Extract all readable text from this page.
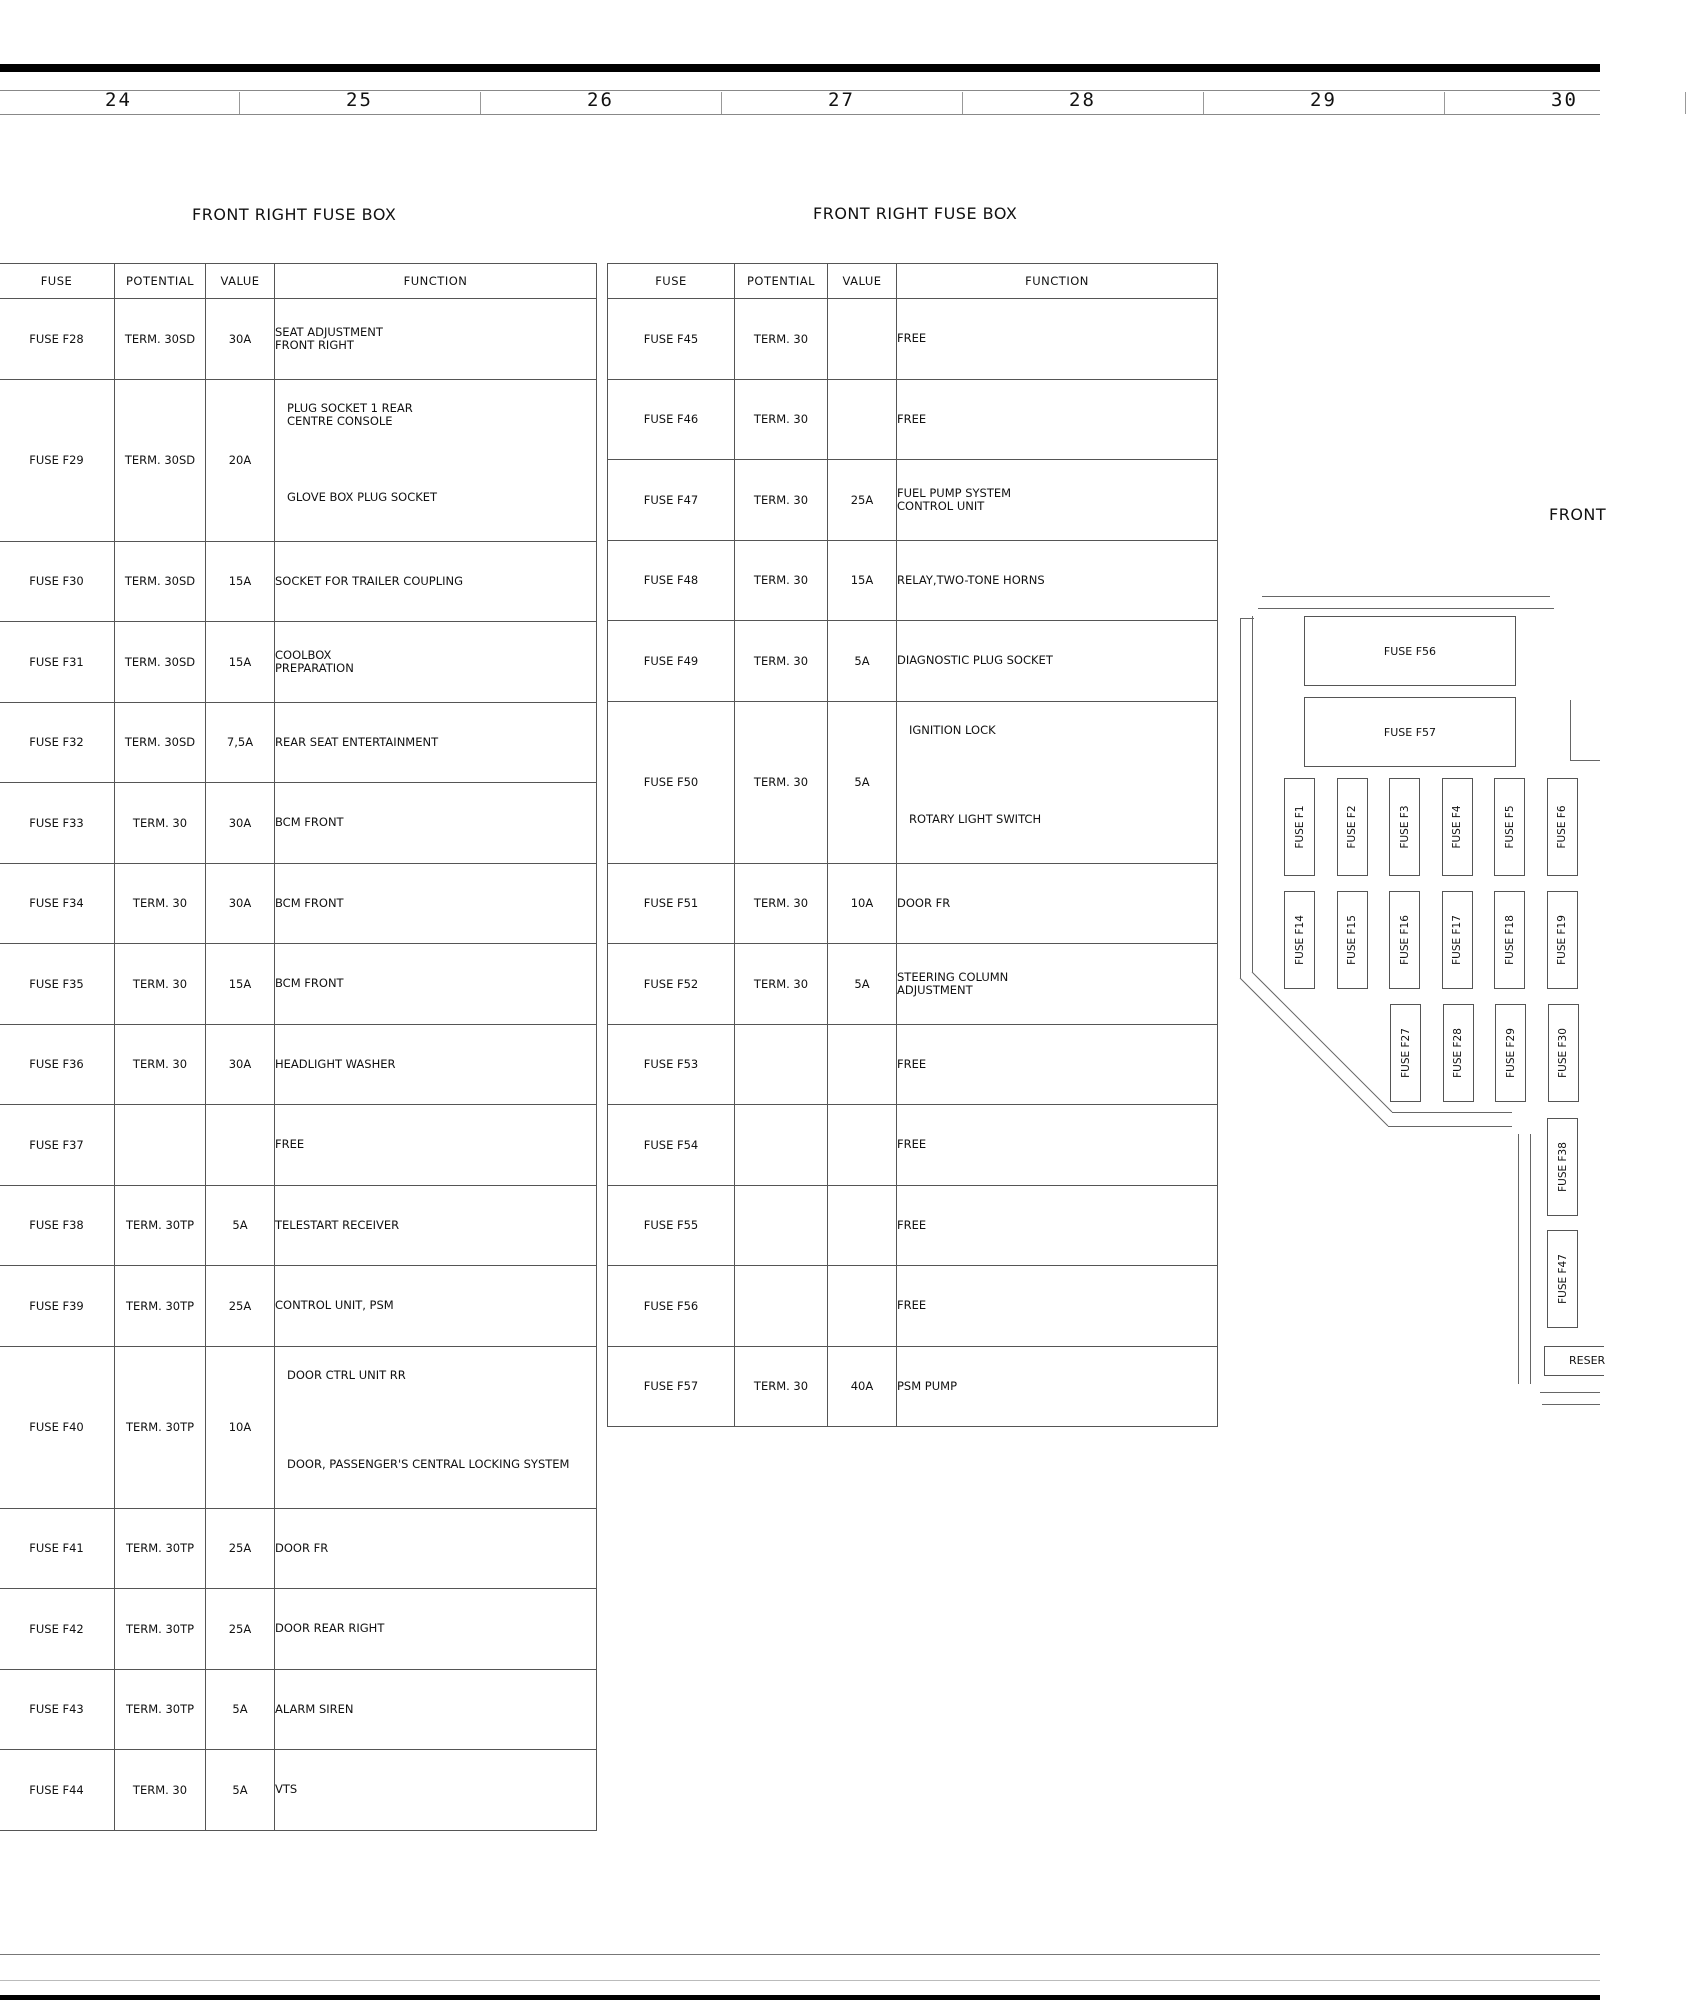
24	25	26	27	28	29	30
FRONT RIGHT FUSE BOX	FRONT RIGHT FUSE BOX
FRONT
FUSE	POTENTIAL	VALUE	FUNCTION
FUSE F28	TERM. 30SD	30A	SEAT ADJUSTMENT
FRONT RIGHT

FUSE F29	TERM. 30SD	20A	PLUG SOCKET 1 REAR CENTRE CONSOLE
GLOVE BOX PLUG SOCKET

FUSE F30	TERM. 30SD	15A	SOCKET FOR TRAILER COUPLING

FUSE F31	TERM. 30SD	15A	COOLBOX
PREPARATION

FUSE F32	TERM. 30SD	7,5A	REAR SEAT ENTERTAINMENT

FUSE F33	TERM. 30	30A	BCM FRONT

FUSE F34	TERM. 30	30A	BCM FRONT

FUSE F35	TERM. 30	15A	BCM FRONT

FUSE F36	TERM. 30	30A	HEADLIGHT WASHER

FUSE F37			FREE

FUSE F38	TERM. 30TP	5A	TELESTART RECEIVER

FUSE F39	TERM. 30TP	25A	CONTROL UNIT, PSM

FUSE F40	TERM. 30TP	10A	DOOR CTRL UNIT RR
DOOR, PASSENGER'S CENTRAL LOCKING SYSTEM

FUSE F41	TERM. 30TP	25A	DOOR FR

FUSE F42	TERM. 30TP	25A	DOOR REAR RIGHT

FUSE F43	TERM. 30TP	5A	ALARM SIREN

FUSE F44	TERM. 30	5A	VTS
FUSE	POTENTIAL	VALUE	FUNCTION
FUSE F45	TERM. 30		FREE

FUSE F46	TERM. 30		FREE

FUSE F47	TERM. 30	25A	FUEL PUMP SYSTEM
CONTROL UNIT

FUSE F48	TERM. 30	15A	RELAY,TWO-TONE HORNS

FUSE F49	TERM. 30	5A	DIAGNOSTIC PLUG SOCKET

FUSE F50	TERM. 30	5A	IGNITION LOCK
ROTARY LIGHT SWITCH

FUSE F51	TERM. 30	10A	DOOR FR

FUSE F52	TERM. 30	5A	STEERING COLUMN
ADJUSTMENT

FUSE F53			FREE

FUSE F54			FREE

FUSE F55			FREE

FUSE F56			FREE

FUSE F57	TERM. 30	40A	PSM PUMP
FUSE F56
FUSE F57
FUSE F1	FUSE F2	FUSE F3	FUSE F4	FUSE F5	FUSE F6
FUSE F14	FUSE F15	FUSE F16	FUSE F17	FUSE F18	FUSE F19
FUSE F27	FUSE F28	FUSE F29	FUSE F30
FUSE F38
FUSE F47
RESER
